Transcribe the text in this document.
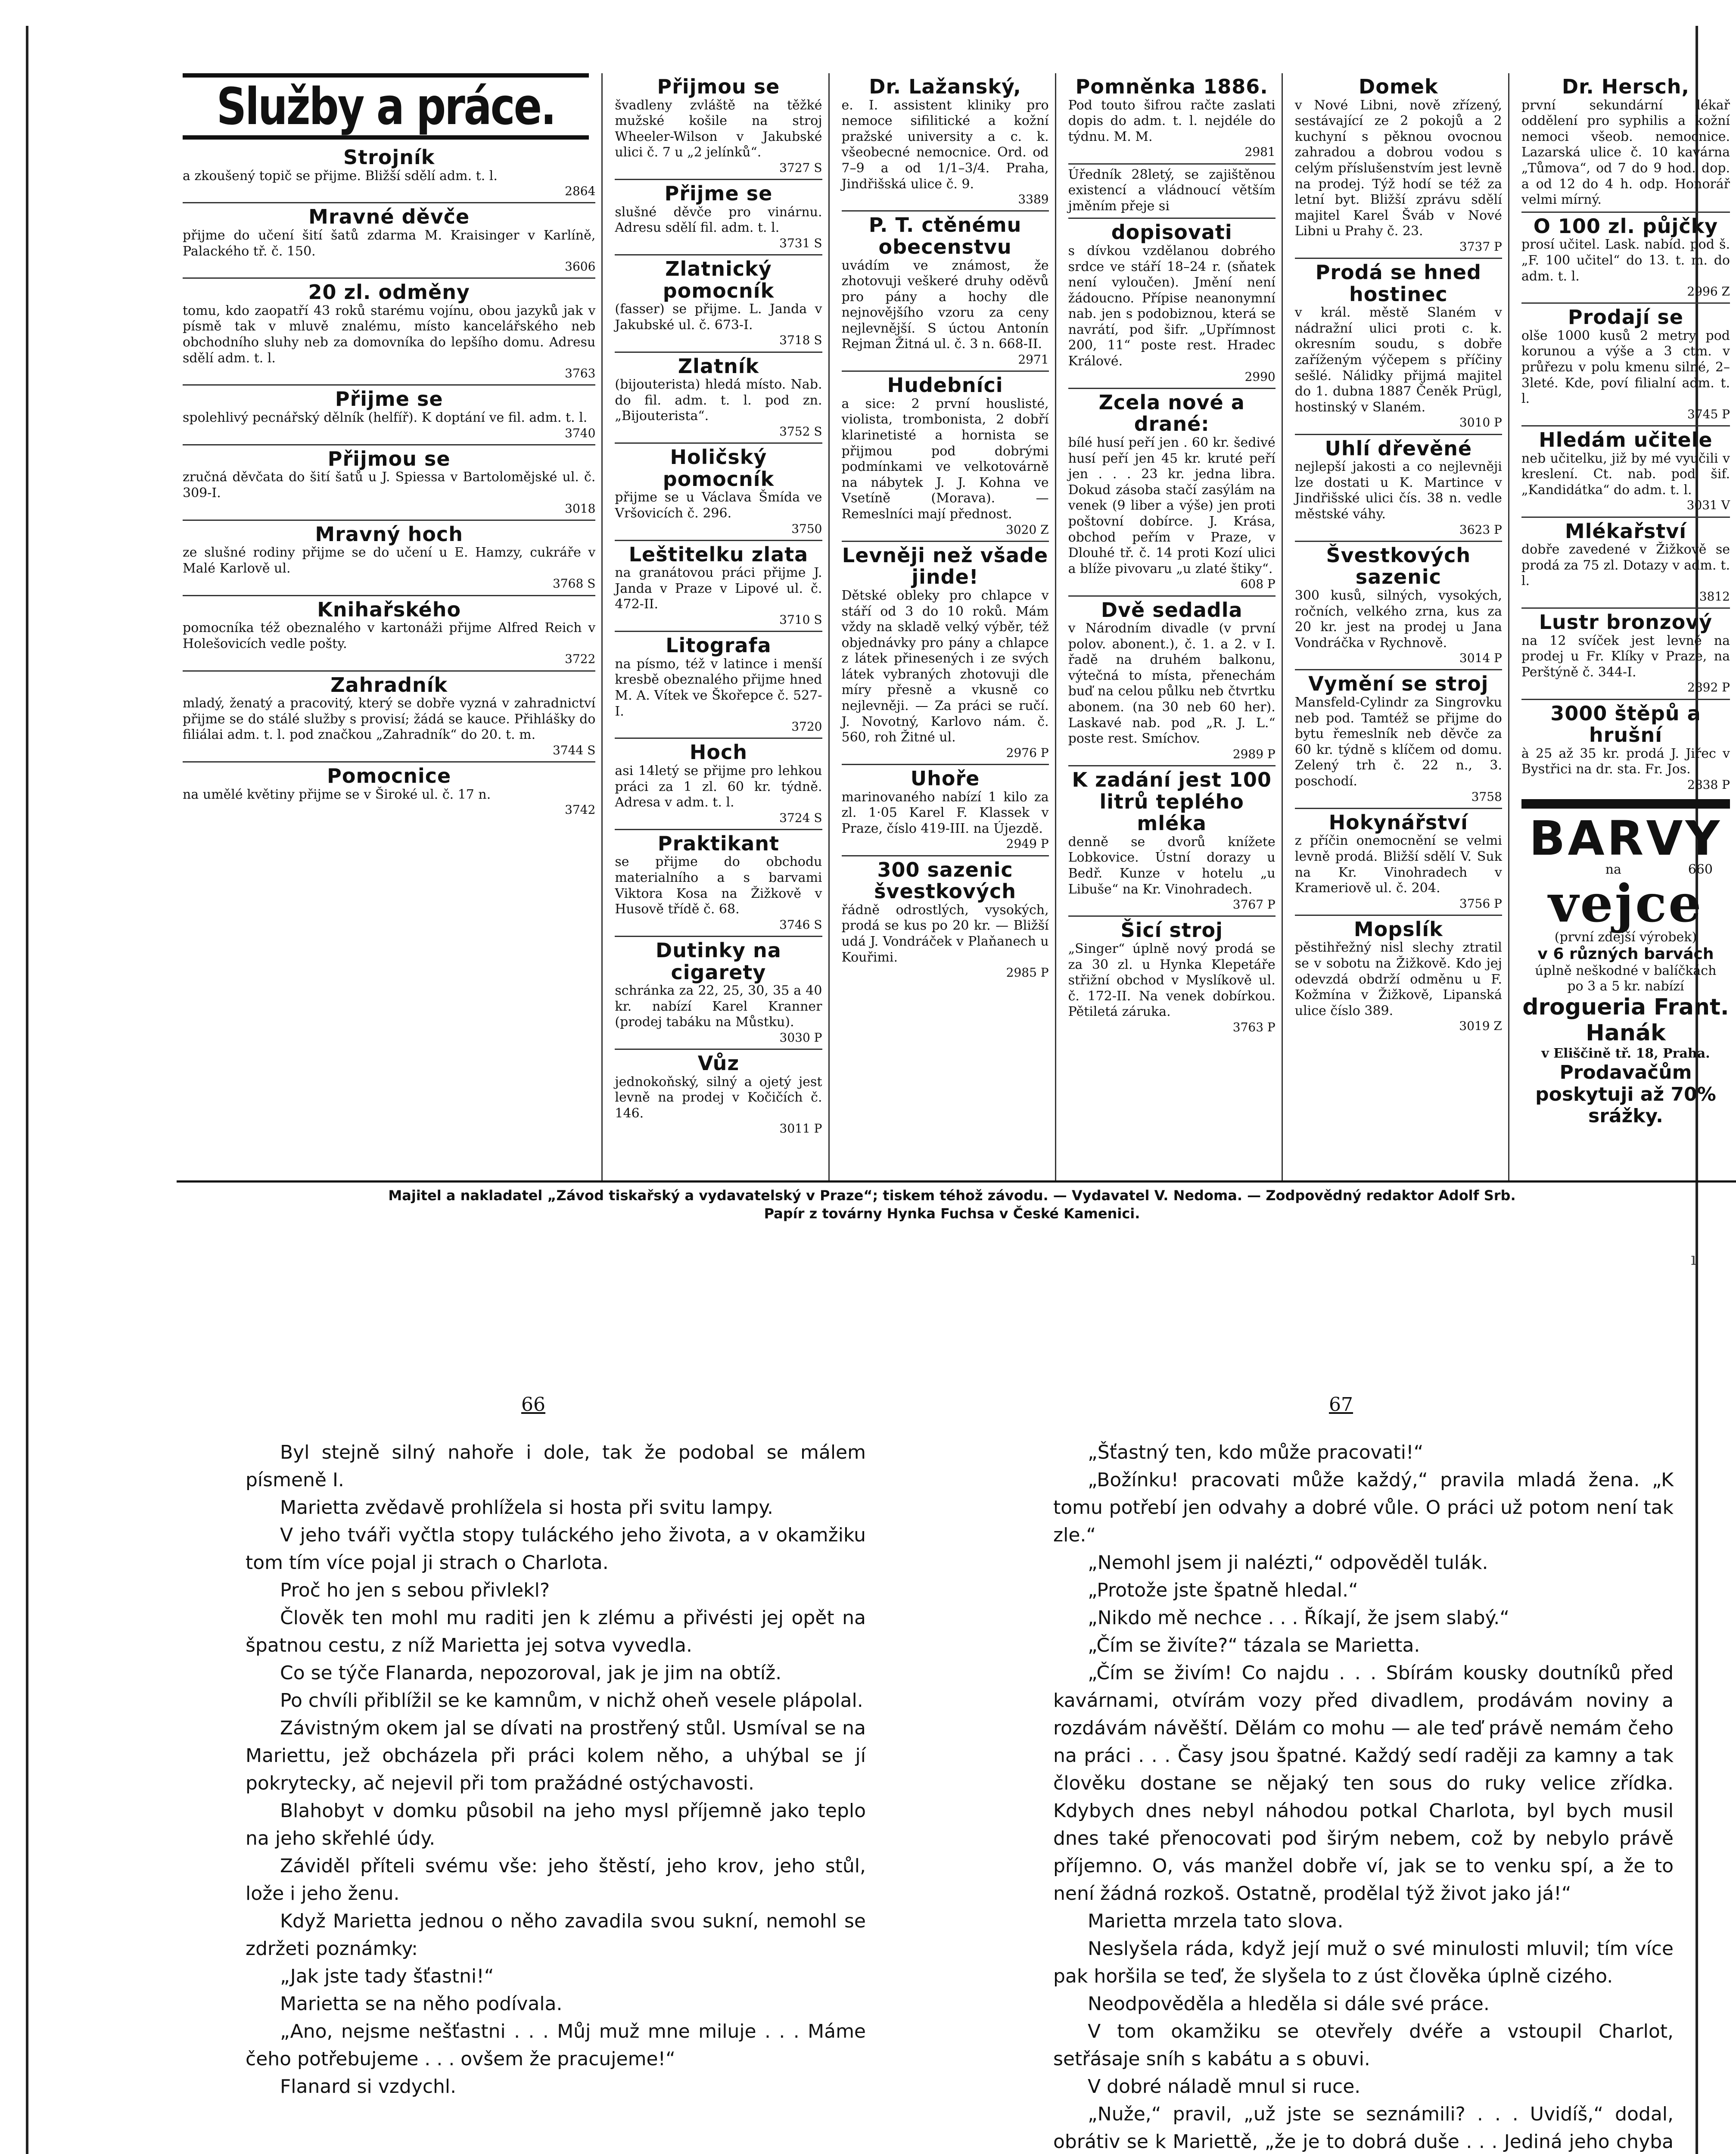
Služby a práce.
Strojník
a zkoušený topič se přijme. Bližší sdělí adm. t. l.
2864
Mravné děvče
přijme do učení šití šatů zdarma M. Kraisinger v Karlíně, Palackého tř. č. 150.
3606
20 zl. odměny
tomu, kdo zaopatří 43 roků starému vojínu, obou jazyků jak v písmě tak v mluvě znalému, místo kancelářského neb obchodního sluhy neb za domovníka do lepšího domu. Adresu sdělí adm. t. l.
3763
Přijme se
spolehlivý pecnářský dělník (helfíř). K doptání ve fil. adm. t. l.
3740
Přijmou se
zručná děvčata do šití šatů u J. Spiessa v Bartolomějské ul. č. 309-I.
3018
Mravný hoch
ze slušné rodiny přijme se do učení u E. Hamzy, cukráře v Malé Karlově ul.
3768 S
Knihařského
pomocníka též obeznalého v kartonáži přijme Alfred Reich v Holešovicích vedle pošty.
3722
Zahradník
mladý, ženatý a pracovitý, který se dobře vyzná v zahradnictví přijme se do stálé služby s provisí; žádá se kauce. Přihlášky do filiálai adm. t. l. pod značkou „Zahradník“ do 20. t. m.
3744 S
Pomocnice
na umělé květiny přijme se v Široké ul. č. 17 n.
3742
Přijmou se
švadleny zvláště na těžké mužské košile na stroj Wheeler-Wilson v Jakubské ulici č. 7 u „2 jelínků“.
3727 S
Přijme se
slušné děvče pro vinárnu. Adresu sdělí fil. adm. t. l.
3731 S
Zlatnický pomocník
(fasser) se přijme. L. Janda v Jakubské ul. č. 673-I.
3718 S
Zlatník
(bijouterista) hledá místo. Nab. do fil. adm. t. l. pod zn. „Bijouterista“.
3752 S
Holičský pomocník
přijme se u Václava Šmída ve Vršovicích č. 296.
3750
Leštitelku zlata
na granátovou práci přijme J. Janda v Praze v Lipové ul. č. 472-II.
3710 S
Litografa
na písmo, též v latince i menší kresbě obeznalého přijme hned M. A. Vítek ve Škořepce č. 527-I.
3720
Hoch
asi 14letý se přijme pro lehkou práci za 1 zl. 60 kr. týdně. Adresa v adm. t. l.
3724 S
Praktikant
se přijme do obchodu materialního a s barvami Viktora Kosa na Žižkově v Husově třídě č. 68.
3746 S
Dutinky na cigarety
schránka za 22, 25, 30, 35 a 40 kr. nabízí Karel Kranner (prodej tabáku na Můstku).
3030 P
Vůz
jednokoňský, silný a ojetý jest levně na prodej v Kočičích č. 146.
3011 P
Dr. Lažanský,
e. I. assistent kliniky pro nemoce sifilitické a kožní pražské university a c. k. všeobecné nemocnice. Ord. od 7–9 a od 1/1–3/4. Praha, Jindřišská ulice č. 9.
3389
P. T. ctěnému obecenstvu
uvádím ve známost, že zhotovuji veškeré druhy oděvů pro pány a hochy dle nejnovějšího vzoru za ceny nejlevnější. S úctou Antonín Rejman Žitná ul. č. 3 n. 668-II.
2971
Hudebníci
a sice: 2 první houslisté, violista, trombonista, 2 dobří klarinetisté a hornista se přijmou pod dobrými podmínkami ve velkotovárně na nábytek J. J. Kohna ve Vsetíně (Morava). — Remeslníci mají přednost.
3020 Z
Levněji než všade jinde!
Dětské obleky pro chlapce v stáří od 3 do 10 roků. Mám vždy na skladě velký výběr, též objednávky pro pány a chlapce z látek přinesených i ze svých látek vybraných zhotovuji dle míry přesně a vkusně co nejlevněji. — Za práci se ručí. J. Novotný, Karlovo nám. č. 560, roh Žitné ul.
2976 P
Uhoře
marinovaného nabízí 1 kilo za zl. 1·05 Karel F. Klassek v Praze, číslo 419-III. na Újezdě.
2949 P
300 sazenic švestkových
řádně odrostlých, vysokých, prodá se kus po 20 kr. — Bližší udá J. Vondráček v Plaňanech u Kouřimi.
2985 P
Pomněnka 1886.
Pod touto šifrou račte zaslati dopis do adm. t. l. nejdéle do týdnu. M. M.
2981
Úředník 28letý, se zajištěnou existencí a vládnoucí větším jměním přeje si
dopisovati
s dívkou vzdělanou dobrého srdce ve stáří 18–24 r. (sňatek není vyloučen). Jmění není žádoucno. Přípise neanonymní nab. jen s podobiznou, která se navrátí, pod šifr. „Upřímnost 200, 11“ poste rest. Hradec Králové.
2990
Zcela nové a drané:
bílé husí peří jen . 60 kr. šedivé husí peří jen 45 kr. kruté peří jen . . . 23 kr. jedna libra. Dokud zásoba stačí zasýlám na venek (9 liber a výše) jen proti poštovní dobírce. J. Krása, obchod peřím v Praze, v Dlouhé tř. č. 14 proti Kozí ulici a blíže pivovaru „u zlaté štiky“.
608 P
Dvě sedadla
v Národním divadle (v první polov. abonent.), č. 1. a 2. v I. řadě na druhém balkonu, výtečná to místa, přenechám buď na celou půlku neb čtvrtku abonem. (na 30 neb 60 her). Laskavé nab. pod „R. J. L.“ poste rest. Smíchov.
2989 P
K zadání jest 100 litrů teplého mléka
denně se dvorů knížete Lobkovice. Ústní dorazy u Bedř. Kunze v hotelu „u Libuše“ na Kr. Vinohradech.
3767 P
Šicí stroj
„Singer“ úplně nový prodá se za 30 zl. u Hynka Klepetáře střižní obchod v Myslíkově ul. č. 172-II. Na venek dobírkou. Pětiletá záruka.
3763 P
Domek
v Nové Libni, nově zřízený, sestávající ze 2 pokojů a 2 kuchyní s pěknou ovocnou zahradou a dobrou vodou s celým příslušenstvím jest levně na prodej. Týž hodí se též za letní byt. Bližší zprávu sdělí majitel Karel Šváb v Nové Libni u Prahy č. 23.
3737 P
Prodá se hned hostinec
v král. městě Slaném v nádražní ulici proti c. k. okresním soudu, s dobře zaříženým výčepem s příčiny sešlé. Nálidky přijmá majitel do 1. dubna 1887 Čeněk Prügl, hostinský v Slaném.
3010 P
Uhlí dřevěné
nejlepší jakosti a co nejlevněji lze dostati u K. Martince v Jindřišské ulici čís. 38 n. vedle městské váhy.
3623 P
Švestkových sazenic
300 kusů, silných, vysokých, ročních, velkého zrna, kus za 20 kr. jest na prodej u Jana Vondráčka v Rychnově.
3014 P
Vymění se stroj
Mansfeld-Cylindr za Singrovku neb pod. Tamtéž se přijme do bytu řemeslník neb děvče za 60 kr. týdně s klíčem od domu. Zelený trh č. 22 n., 3. poschodí.
3758
Hokynářství
z příčin onemocnění se velmi levně prodá. Bližší sdělí V. Suk na Kr. Vinohradech v Krameriově ul. č. 204.
3756 P
Mopslík
pěstihřežný nisl slechy ztratil se v sobotu na Žižkově. Kdo jej odevzdá obdrží odměnu u F. Kožmína v Žižkově, Lipanská ulice číslo 389.
3019 Z
Dr. Hersch,
první sekundární lékař oddělení pro syphilis a kožní nemoci všeob. nemocnice. Lazarská ulice č. 10 kavárna „Tůmova“, od 7 do 9 hod. dop. a od 12 do 4 h. odp. Honorář velmi mírný.
O 100 zl. půjčky
prosí učitel. Lask. nabíd. pod š. „F. 100 učitel“ do 13. t. m. do adm. t. l.
2996 Z
Prodají se
olše 1000 kusů 2 metry pod korunou a výše a 3 ctm. v průřezu v polu kmenu silné, 2–3leté. Kde, poví filialní adm. t. l.
3745 P
Hledám učitele
neb učitelku, již by mé vyučili v kreslení. Ct. nab. pod šif. „Kandidátka“ do adm. t. l.
3031 V
Mlékařství
dobře zavedené v Žižkově se prodá za 75 zl. Dotazy v adm. t. l.
3812
Lustr bronzový
na 12 svíček jest levně na prodej u Fr. Klíky v Praze, na Perštýně č. 344-I.
2892 P
3000 štěpů a hrušní
à 25 až 35 kr. prodá J. Jiřec v Bystřici na dr. sta. Fr. Jos.
2838 P
BARVY
na	660
vejce
(první zdejší výrobek)
v 6 různých barvách
úplně neškodné v balíčkách
po 3 a 5 kr. nabízí
drogueria Frant. Hanák
v Eliščině tř. 18, Praha.
Prodavačům poskytuji až 70% srážky.
Majitel a nakladatel „Závod tiskařský a vydavatelský v Praze“; tiskem téhož závodu. — Vydavatel V. Nedoma. — Zodpovědný redaktor Adolf Srb.
Papír z továrny Hynka Fuchsa v České Kamenici.
66	67

Byl stejně silný nahoře i dole, tak že podobal se málem písmeně I.

Marietta zvědavě prohlížela si hosta při svitu lampy.

V jeho tváři vyčtla stopy tuláckého jeho života, a v okamžiku tom tím více pojal ji strach o Charlota.

Proč ho jen s sebou přivlekl?

Člověk ten mohl mu raditi jen k zlému a přivésti jej opět na špatnou cestu, z níž Marietta jej sotva vyvedla.

Co se týče Flanarda, nepozoroval, jak je jim na obtíž.

Po chvíli přiblížil se ke kamnům, v nichž oheň vesele plápolal.

Závistným okem jal se dívati na prostřený stůl. Usmíval se na Mariettu, jež obcházela při práci kolem něho, a uhýbal se jí pokryteckу, ač nejevil při tom pražádné ostýchavosti.

Blahobyt v domku působil na jeho mysl příjemně jako teplo na jeho skřehlé údy.

Záviděl příteli svému vše: jeho štěstí, jeho krov, jeho stůl, lože i jeho ženu.

Když Marietta jednou o něho zavadila svou sukní, nemohl se zdržeti poznámky:

„Jak jste tady šťastni!“

Marietta se na něho podívala.

„Ano, nejsme nešťastni . . . Můj muž mne miluje . . . Máme čeho potřebujeme . . . ovšem že pracujeme!“

Flanard si vzdychl.

„Šťastný ten, kdo může pracovati!“

„Božínku! pracovati může každý,“ pravila mladá žena. „K tomu potřebí jen odvahy a dobré vůle. O práci už potom není tak zle.“

„Nemohl jsem ji nalézti,“ odpověděl tulák.

„Protože jste špatně hledal.“

„Nikdo mě nechce . . . Říkají, že jsem slabý.“

„Čím se živíte?“ tázala se Marietta.

„Čím se živím! Co najdu . . . Sbírám kousky doutníků před kavárnami, otvírám vozy před divadlem, prodávám noviny a rozdávám návěští. Dělám co mohu — ale teď právě nemám čeho na práci . . . Časy jsou špatné. Každý sedí raději za kamny a tak člověku dostane se nějaký ten sous do ruky velice zřídka. Kdybych dnes nebyl náhodou potkal Charlota, byl bych musil dnes také přenocovati pod širým nebem, což by nebylo právě příjemno. O, vás manžel dobře ví, jak se to venku spí, a že to není žádná rozkoš. Ostatně, prodělal týž život jako já!“

Marietta mrzela tato slova.

Neslyšela ráda, když její muž o své minulosti mluvil; tím více pak horšila se teď, že slyšela to z úst člověka úplně cizého.

Neodpověděla a hleděla si dále své práce.

V tom okamžiku se otevřely dvéře a vstoupil Charlot, setřásaje sníh s kabátu a s obuvi.

V dobré náladě mnul si ruce.

„Nuže,“ pravil, „už jste se seznámili? . . . Uvidíš,“ dodal, obrátiv se k Mariettě, „že je to dobrá duše . . . Jediná jeho chyba

ı
